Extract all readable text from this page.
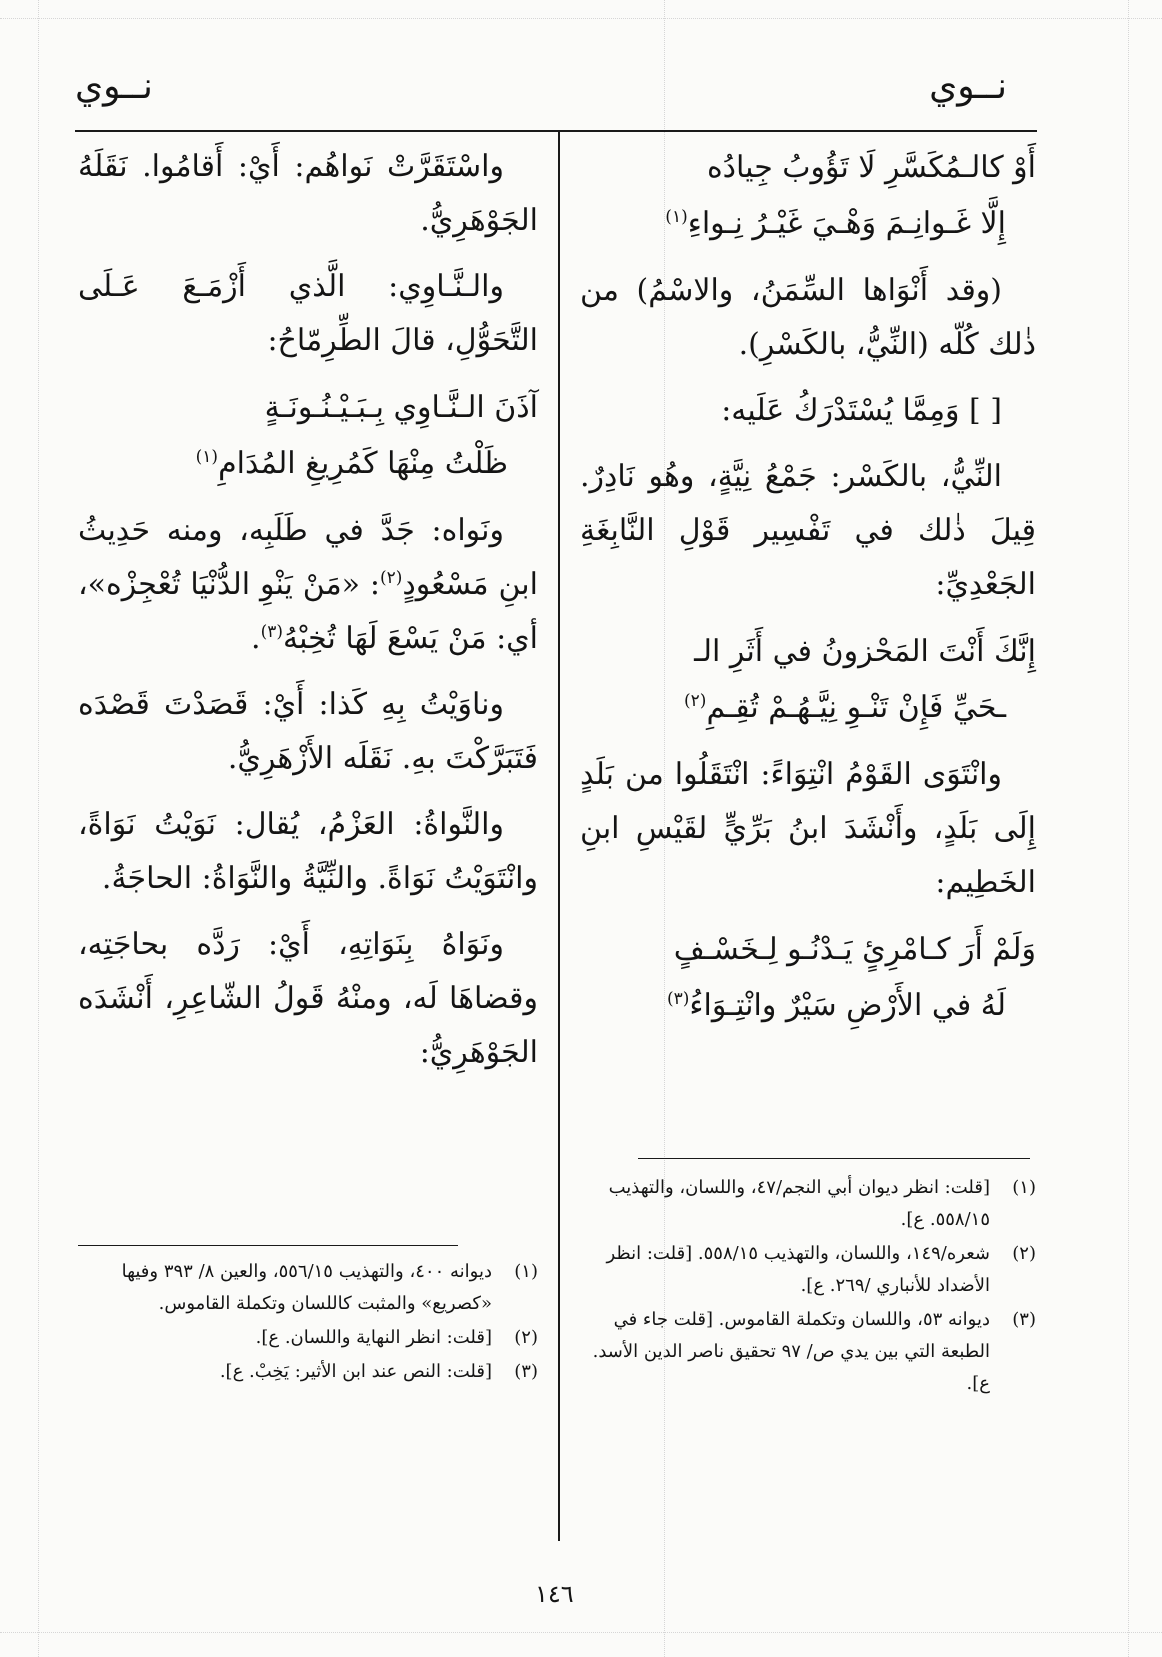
نــوي
نــوي

أَوْ كالـمُكَسَّرِ لَا تَؤُوبُ جِيادُه

إِلَّا غَـوانِـمَ وَهْـيَ غَيْـرُ نِـواءِ$^{(١)}$

(وقد أَنْوَاها السِّمَنُ، والاسْمُ) من ذٰلك كُلّه (النِّيُّ، بالكَسْرِ).

[ ] وَمِمَّا يُسْتَدْرَكُ عَلَيه:

النِّيُّ، بالكَسْر: جَمْعُ نِيَّةٍ، وهُو نَادِرٌ. قِيلَ ذٰلك في تَفْسِير قَوْلِ النَّابِغَةِ الجَعْدِيِّ:

إِنَّكَ أَنْتَ المَحْزونُ في أَثَرِ الـ

ـحَيِّ فَإِنْ تَنْـوِ نِيَّـهُـمْ تُقِـمِ$^{(٢)}$

وانْتَوَى القَوْمُ انْتِوَاءً: انْتَقَلُوا من بَلَدٍ إِلَى بَلَدٍ، وأَنْشَدَ ابنُ بَرِّيٍّ لقَيْسِ ابنِ الخَطِيم:

وَلَمْ أَرَ كـامْرِئٍ يَـدْنُـو لِـخَسْـفٍ

لَهُ في الأَرْضِ سَيْرٌ وانْتِـوَاءُ$^{(٣)}$

واسْتَقَرَّتْ نَواهُم: أَيْ: أَقامُوا. نَقَلَهُ الجَوْهَرِيُّ.

والـنَّـاوِي: الَّذي أَزْمَـعَ عَـلَى التَّحَوُّلِ، قالَ الطِّرِمّاحُ:

آذَنَ الـنَّـاوِي بِـبَـيْـنُـونَـةٍ

ظَلْتُ مِنْهَا كَمُرِيغِ المُدَامِ$^{(١)}$

ونَواه: جَدَّ في طَلَبِه، ومنه حَدِيثُ ابنِ مَسْعُودٍ$^{(٢)}$: «مَنْ يَنْوِ الدُّنْيَا تُعْجِزْه»، أي: مَنْ يَسْعَ لَهَا تُخِبْهُ$^{(٣)}$.

وناوَيْتُ بِهِ كَذا: أَيْ: قَصَدْتَ قَصْدَه فَتَبَرَّكْتَ بهِ. نَقَلَه الأَزْهَرِيُّ.

والنَّواةُ: العَزْمُ، يُقال: نَوَيْتُ نَوَاةً، وانْتَوَيْتُ نَوَاةً. والنِّيَّةُ والنَّوَاةُ: الحاجَةُ.

ونَوَاهُ بِنَوَاتِهِ، أَيْ: رَدَّه بحاجَتِه، وقضاهَا لَه، ومنْهُ قَولُ الشّاعِرِ، أَنْشَدَه الجَوْهَرِيُّ:

(١)
[قلت: انظر ديوان أبي النجم/٤٧، واللسان، والتهذيب ٥٥٨/١٥. ع].

(٢)
شعره/١٤٩، واللسان، والتهذيب ٥٥٨/١٥. [قلت: انظر الأضداد للأنباري /٢٦٩. ع].

(٣)
ديوانه ٥٣، واللسان وتكملة القاموس. [قلت جاء في الطبعة التي بين يدي ص/ ٩٧ تحقيق ناصر الدين الأسد. ع].

(١)
ديوانه ٤٠٠، والتهذيب ٥٥٦/١٥، والعين ٨/ ٣٩٣ وفيها «كصريع» والمثبت كاللسان وتكملة القاموس.

(٢)
[قلت: انظر النهاية واللسان. ع].

(٣)
[قلت: النص عند ابن الأثير: يَخِبْ. ع].

١٤٦
